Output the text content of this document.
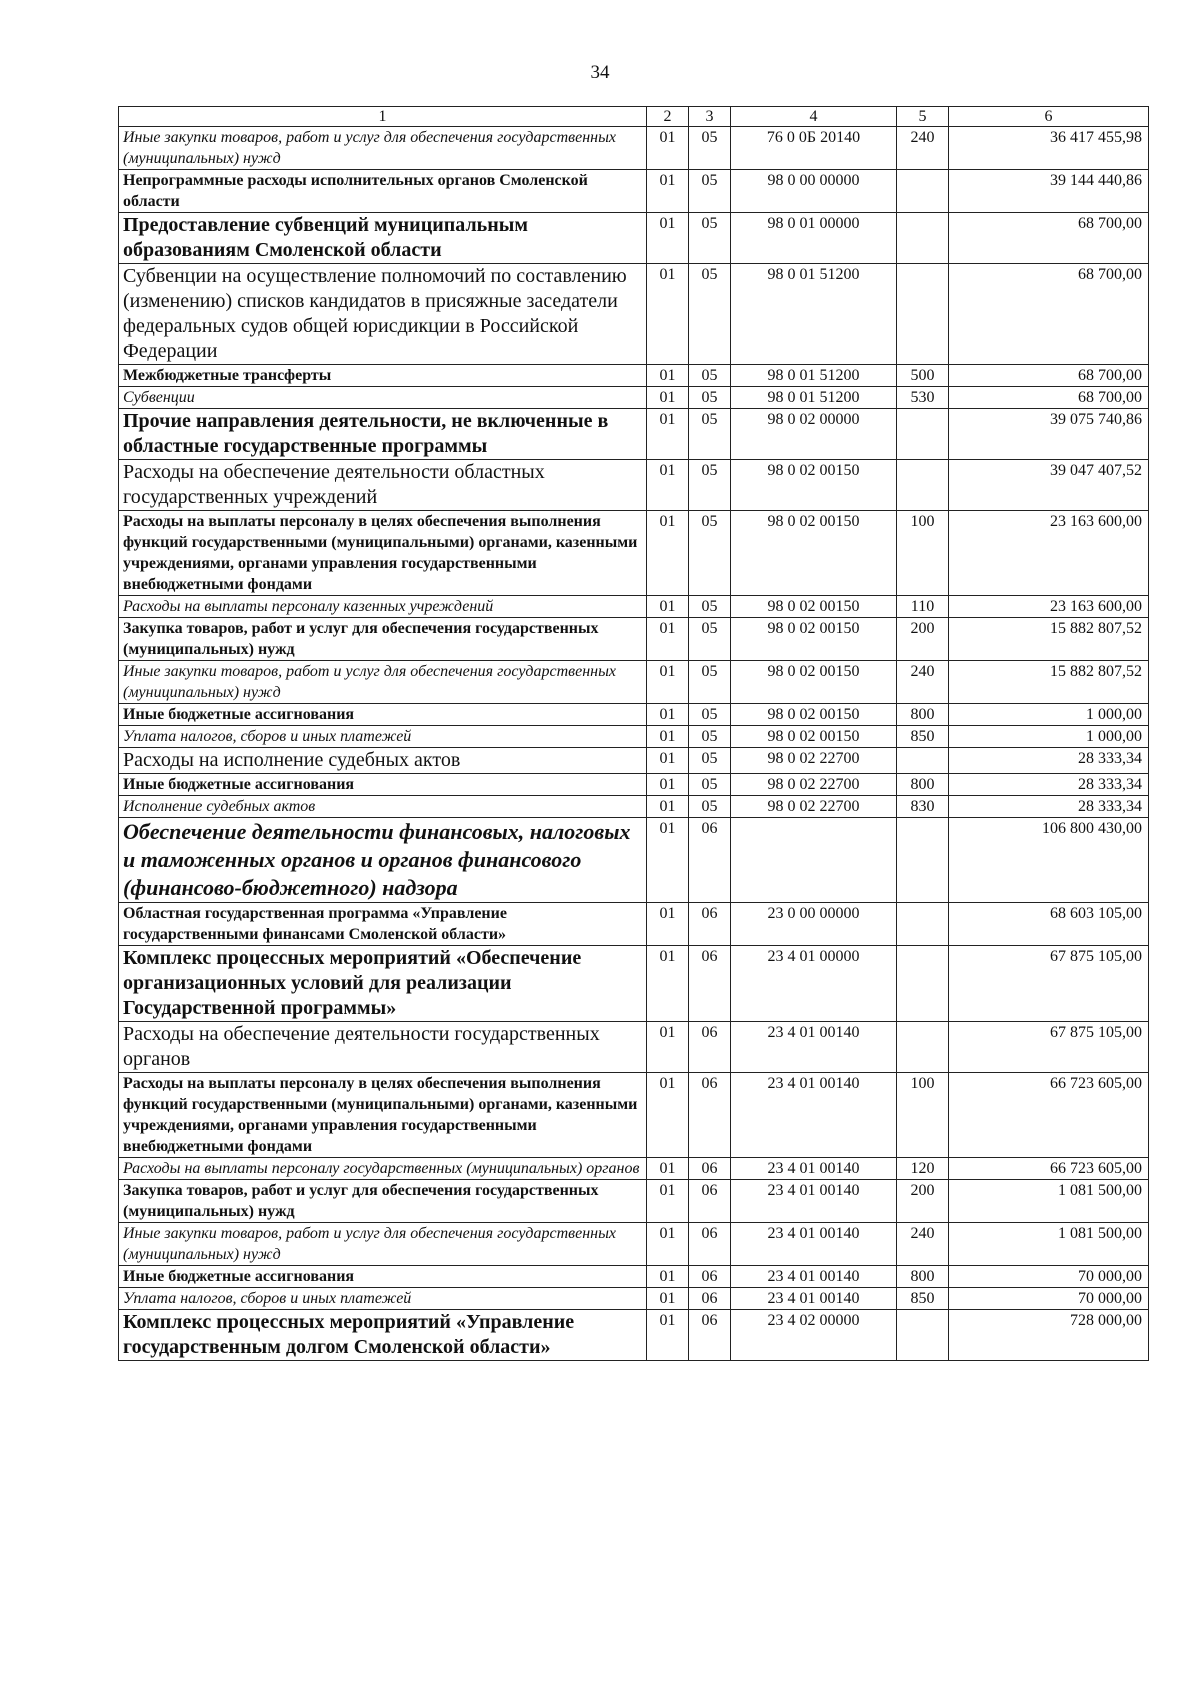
34
1	2	3	4	5	6
Иные закупки товаров, работ и услуг для обеспечения государственных (муниципальных) нужд	01	05	76 0 0Б 20140	240	36 417 455,98
Непрограммные расходы исполнительных органов Смоленской области	01	05	98 0 00 00000		39 144 440,86
Предоставление субвенций муниципальным образованиям Смоленской области	01	05	98 0 01 00000		68 700,00
Субвенции на осуществление полномочий по составлению (изменению) списков кандидатов в присяжные заседатели федеральных судов общей юрисдикции в Российской Федерации	01	05	98 0 01 51200		68 700,00
Межбюджетные трансферты	01	05	98 0 01 51200	500	68 700,00
Субвенции	01	05	98 0 01 51200	530	68 700,00
Прочие направления деятельности, не включенные в областные государственные программы	01	05	98 0 02 00000		39 075 740,86
Расходы на обеспечение деятельности областных государственных учреждений	01	05	98 0 02 00150		39 047 407,52
Расходы на выплаты персоналу в целях обеспечения выполнения функций государственными (муниципальными) органами, казенными учреждениями, органами управления государственными внебюджетными фондами	01	05	98 0 02 00150	100	23 163 600,00
Расходы на выплаты персоналу казенных учреждений	01	05	98 0 02 00150	110	23 163 600,00
Закупка товаров, работ и услуг для обеспечения государственных (муниципальных) нужд	01	05	98 0 02 00150	200	15 882 807,52
Иные закупки товаров, работ и услуг для обеспечения государственных (муниципальных) нужд	01	05	98 0 02 00150	240	15 882 807,52
Иные бюджетные ассигнования	01	05	98 0 02 00150	800	1 000,00
Уплата налогов, сборов и иных платежей	01	05	98 0 02 00150	850	1 000,00
Расходы на исполнение судебных актов	01	05	98 0 02 22700		28 333,34
Иные бюджетные ассигнования	01	05	98 0 02 22700	800	28 333,34
Исполнение судебных актов	01	05	98 0 02 22700	830	28 333,34
Обеспечение деятельности финансовых, налоговых и таможенных органов и органов финансового (финансово-бюджетного) надзора	01	06			106 800 430,00
Областная государственная программа «Управление государственными финансами Смоленской области»	01	06	23 0 00 00000		68 603 105,00
Комплекс процессных мероприятий «Обеспечение организационных условий для реализации Государственной программы»	01	06	23 4 01 00000		67 875 105,00
Расходы на обеспечение деятельности государственных органов	01	06	23 4 01 00140		67 875 105,00
Расходы на выплаты персоналу в целях обеспечения выполнения функций государственными (муниципальными) органами, казенными учреждениями, органами управления государственными внебюджетными фондами	01	06	23 4 01 00140	100	66 723 605,00
Расходы на выплаты персоналу государственных (муниципальных) органов	01	06	23 4 01 00140	120	66 723 605,00
Закупка товаров, работ и услуг для обеспечения государственных (муниципальных) нужд	01	06	23 4 01 00140	200	1 081 500,00
Иные закупки товаров, работ и услуг для обеспечения государственных (муниципальных) нужд	01	06	23 4 01 00140	240	1 081 500,00
Иные бюджетные ассигнования	01	06	23 4 01 00140	800	70 000,00
Уплата налогов, сборов и иных платежей	01	06	23 4 01 00140	850	70 000,00
Комплекс процессных мероприятий «Управление государственным долгом Смоленской области»	01	06	23 4 02 00000		728 000,00
